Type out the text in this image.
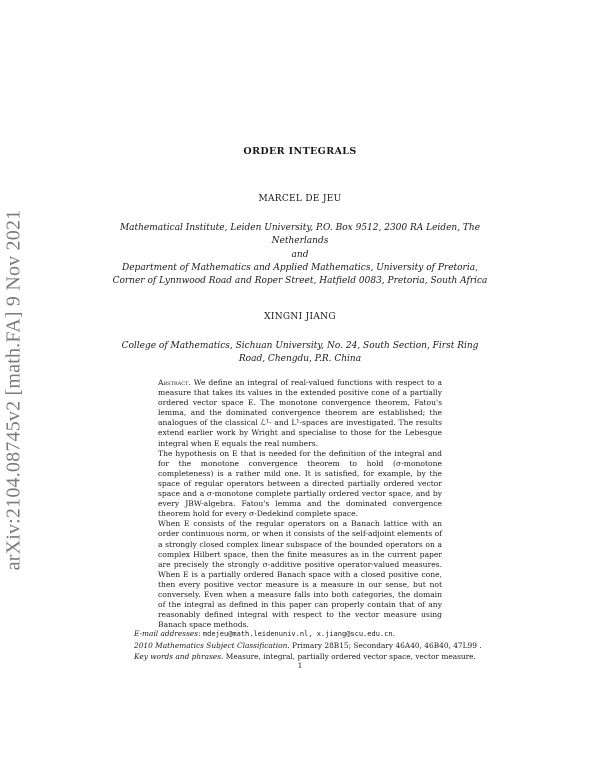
arXiv:2104.08745v2 [math.FA] 9 Nov 2021
ORDER INTEGRALS
MARCEL DE JEU
Mathematical Institute, Leiden University, P.O. Box 9512, 2300 RA Leiden, The
Netherlands
and
Department of Mathematics and Applied Mathematics, University of Pretoria,
Corner of Lynnwood Road and Roper Street, Hatfield 0083, Pretoria, South Africa
XINGNI JIANG
College of Mathematics, Sichuan University, No. 24, South Section, First Ring
Road, Chengdu, P.R. China

Abstract. We define an integral of real-valued functions with respect to a measure that takes its values in the extended positive cone of a partially ordered vector space E. The monotone convergence theorem, Fatou's lemma, and the dominated convergence theorem are established; the analogues of the classical ℒ¹- and L¹-spaces are investigated. The results extend earlier work by Wright and specialise to those for the Lebesgue integral when E equals the real numbers.

The hypothesis on E that is needed for the definition of the integral and for the monotone convergence theorem to hold (σ-monotone completeness) is a rather mild one. It is satisfied, for example, by the space of regular operators between a directed partially ordered vector space and a σ-monotone complete partially ordered vector space, and by every JBW-algebra. Fatou's lemma and the dominated convergence theorem hold for every σ-Dedekind complete space.

When E consists of the regular operators on a Banach lattice with an order continuous norm, or when it consists of the self-adjoint elements of a strongly closed complex linear subspace of the bounded operators on a complex Hilbert space, then the finite measures as in the current paper are precisely the strongly σ-additive positive operator-valued measures. When E is a partially ordered Banach space with a closed positive cone, then every positive vector measure is a measure in our sense, but not conversely. Even when a measure falls into both categories, the domain of the integral as defined in this paper can properly contain that of any reasonably defined integral with respect to the vector measure using Banach space methods.

E-mail addresses: mdejeu@math.leidenuniv.nl, x.jiang@scu.edu.cn.
2010 Mathematics Subject Classification. Primary 28B15; Secondary 46A40, 46B40, 47L99 .
Key words and phrases. Measure, integral, partially ordered vector space, vector measure.
1
